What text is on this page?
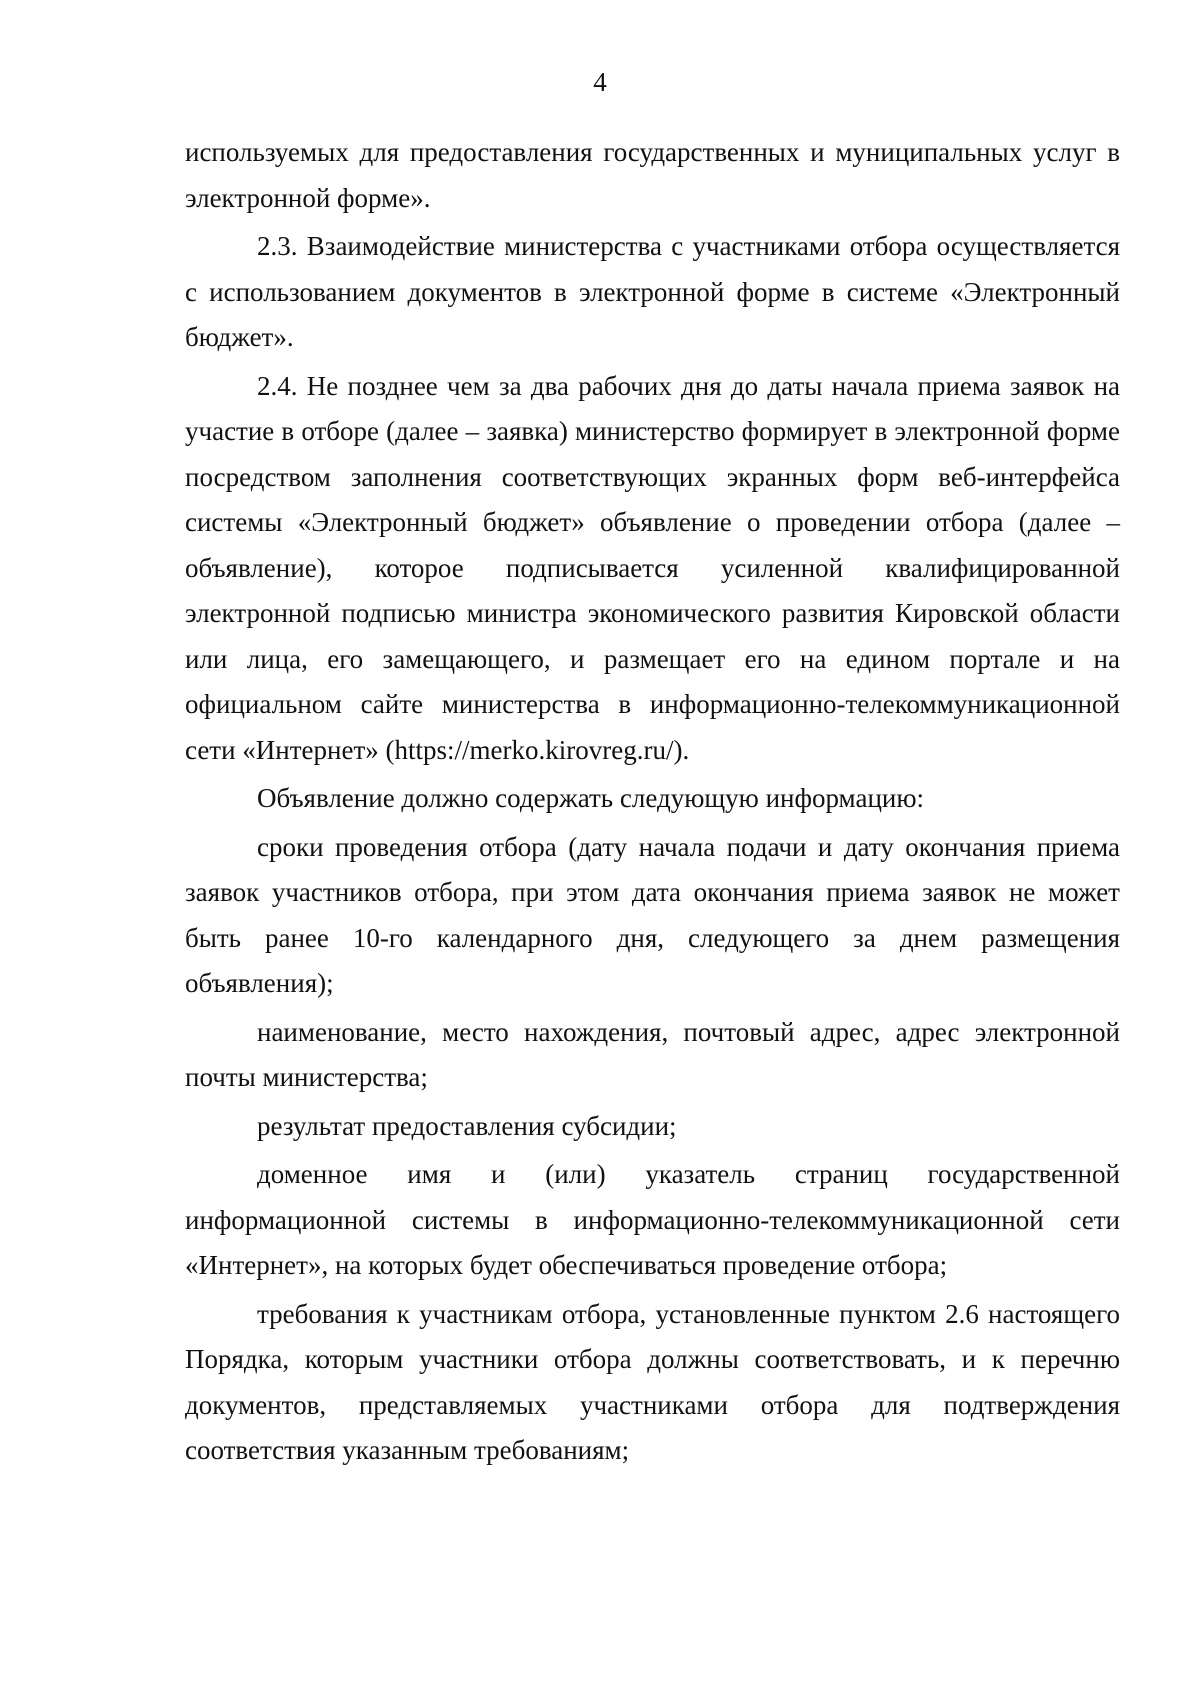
4

используемых для предоставления государственных и муниципальных услуг в электронной форме».

2.3. Взаимодействие министерства с участниками отбора осуществляется с использованием документов в электронной форме в системе «Электронный бюджет».

2.4. Не позднее чем за два рабочих дня до даты начала приема заявок на участие в отборе (далее – заявка) министерство формирует в электронной форме посредством заполнения соответствующих экранных форм веб-интерфейса системы «Электронный бюджет» объявление о проведении отбора (далее – объявление), которое подписывается усиленной квалифицированной электронной подписью министра экономического развития Кировской области или лица, его замещающего, и размещает его на едином портале и на официальном сайте министерства в информационно-телекоммуникационной сети «Интернет» (https://merko.kirovreg.ru/).

Объявление должно содержать следующую информацию:

сроки проведения отбора (дату начала подачи и дату окончания приема заявок участников отбора, при этом дата окончания приема заявок не может быть ранее 10-го календарного дня, следующего за днем размещения объявления);

наименование, место нахождения, почтовый адрес, адрес электронной почты министерства;

результат предоставления субсидии;

доменное имя и (или) указатель страниц государственной информационной системы в информационно-телекоммуникационной сети «Интернет», на которых будет обеспечиваться проведение отбора;

требования к участникам отбора, установленные пунктом 2.6 настоящего Порядка, которым участники отбора должны соответствовать, и к перечню документов, представляемых участниками отбора для подтверждения соответствия указанным требованиям;
